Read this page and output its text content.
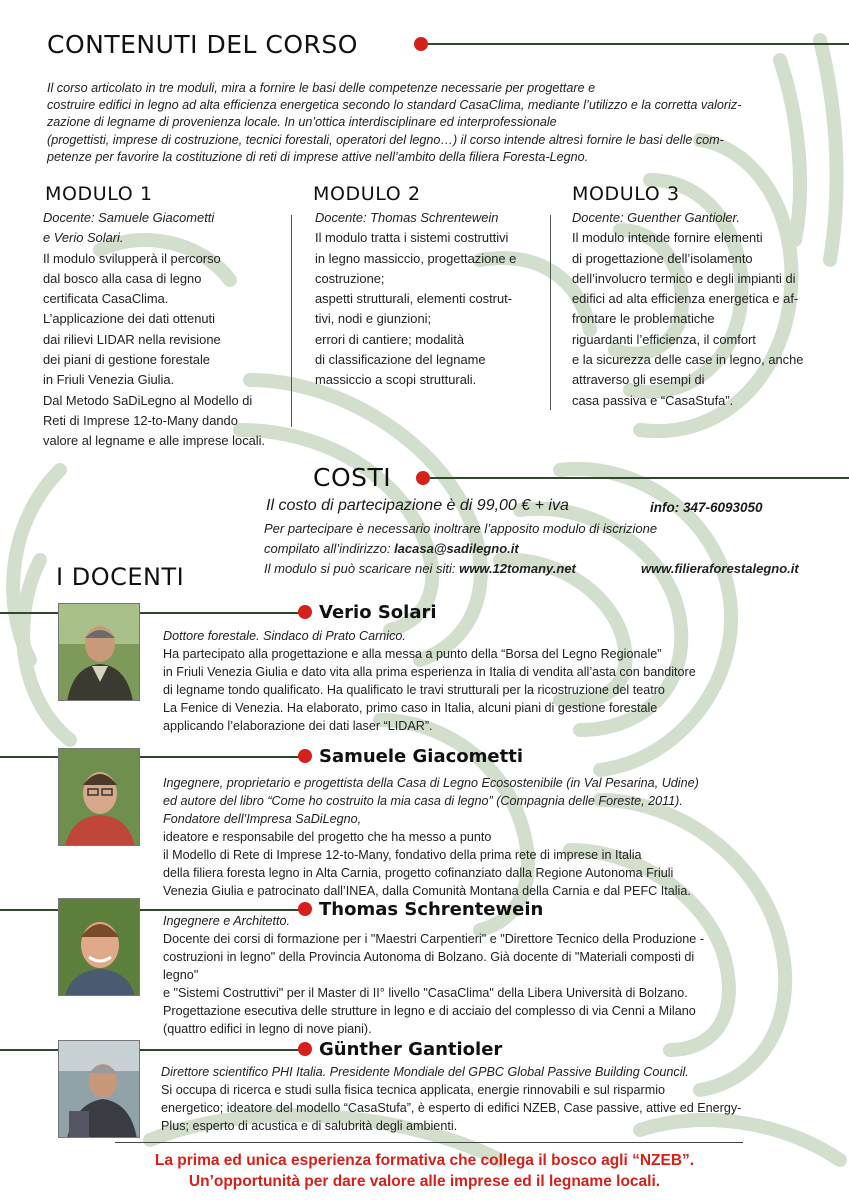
CONTENUTI DEL CORSO
Il corso articolato in tre moduli, mira a fornire le basi delle competenze necessarie per progettare e
costruire edifici in legno ad alta efficienza energetica secondo lo standard CasaClima, mediante l’utilizzo e la corretta valoriz-
zazione di legname di provenienza locale. In un’ottica interdisciplinare ed interprofessionale
(progettisti, imprese di costruzione, tecnici forestali, operatori del legno…) il corso intende altresì fornire le basi delle com-
petenze per favorire la costituzione di reti di imprese attive nell’ambito della filiera Foresta-Legno.
MODULO 1	MODULO 2	MODULO 3
Docente: Samuele Giacometti
e Verio Solari.
Il modulo svilupperà il percorso
dal bosco alla casa di legno
certificata CasaClima.
L’applicazione dei dati ottenuti
dai rilievi LIDAR nella revisione
dei piani di gestione forestale
in Friuli Venezia Giulia.
Dal Metodo SaDiLegno al Modello di
Reti di Imprese 12-to-Many dando
valore al legname e alle imprese locali.
Docente: Thomas Schrentewein
Il modulo tratta i sistemi costruttivi
in legno massiccio, progettazione e
costruzione;
aspetti strutturali, elementi costrut-
tivi, nodi e giunzioni;
errori di cantiere; modalità
di classificazione del legname
massiccio a scopi strutturali.
Docente: Guenther Gantioler.
Il modulo intende fornire elementi
di progettazione dell’isolamento
dell’involucro termico e degli impianti di
edifici ad alta efficienza energetica e af-
frontare le problematiche
riguardanti l’efficienza, il comfort
e la sicurezza delle case in legno, anche
attraverso gli esempi di
casa passiva e “CasaStufa”.
COSTI
Il costo di partecipazione è di 99,00 € + iva	info: 347-6093050
Per partecipare è necessario inoltrare l’apposito modulo di iscrizione
compilato all’indirizzo: lacasa@sadilegno.it
Il modulo si può scaricare nei siti: www.12tomany.net	www.filieraforestalegno.it
I DOCENTI
Verio Solari
Dottore forestale. Sindaco di Prato Carnico.
Ha partecipato alla progettazione e alla messa a punto della “Borsa del Legno Regionale”
in Friuli Venezia Giulia e dato vita alla prima esperienza in Italia di vendita all’asta con banditore
di legname tondo qualificato. Ha qualificato le travi strutturali per la ricostruzione del teatro
La Fenice di Venezia. Ha elaborato, primo caso in Italia, alcuni piani di gestione forestale
applicando l’elaborazione dei dati laser “LIDAR”.
Samuele Giacometti
Ingegnere, proprietario e progettista della Casa di Legno Ecosostenibile (in Val Pesarina, Udine)
ed autore del libro “Come ho costruito la mia casa di legno” (Compagnia delle Foreste, 2011).
Fondatore dell’Impresa SaDiLegno,
ideatore e responsabile del progetto che ha messo a punto
il Modello di Rete di Imprese 12-to-Many, fondativo della prima rete di imprese in Italia
della filiera foresta legno in Alta Carnia, progetto cofinanziato dalla Regione Autonoma Friuli
Venezia Giulia e patrocinato dall’INEA, dalla Comunità Montana della Carnia e dal PEFC Italia.
Thomas Schrentewein
Ingegnere e Architetto.
Docente dei corsi di formazione per i "Maestri Carpentieri" e "Direttore Tecnico della Produzione -
costruzioni in legno" della Provincia Autonoma di Bolzano. Già docente di "Materiali composti di
legno"
e "Sistemi Costruttivi" per il Master di II° livello "CasaClima" della Libera Università di Bolzano.
Progettazione esecutiva delle strutture in legno e di acciaio del complesso di via Cenni a Milano
(quattro edifici in legno di nove piani).
Günther Gantioler
Direttore scientifico PHI Italia. Presidente Mondiale del GPBC Global Passive Building Council.
Si occupa di ricerca e studi sulla fisica tecnica applicata, energie rinnovabili e sul risparmio
energetico; ideatore del modello “CasaStufa”, è esperto di edifici NZEB, Case passive, attive ed Energy-
Plus; esperto di acustica e di salubrità degli ambienti.
La prima ed unica esperienza formativa che collega il bosco agli “NZEB”.
Un’opportunità per dare valore alle imprese ed il legname locali.
